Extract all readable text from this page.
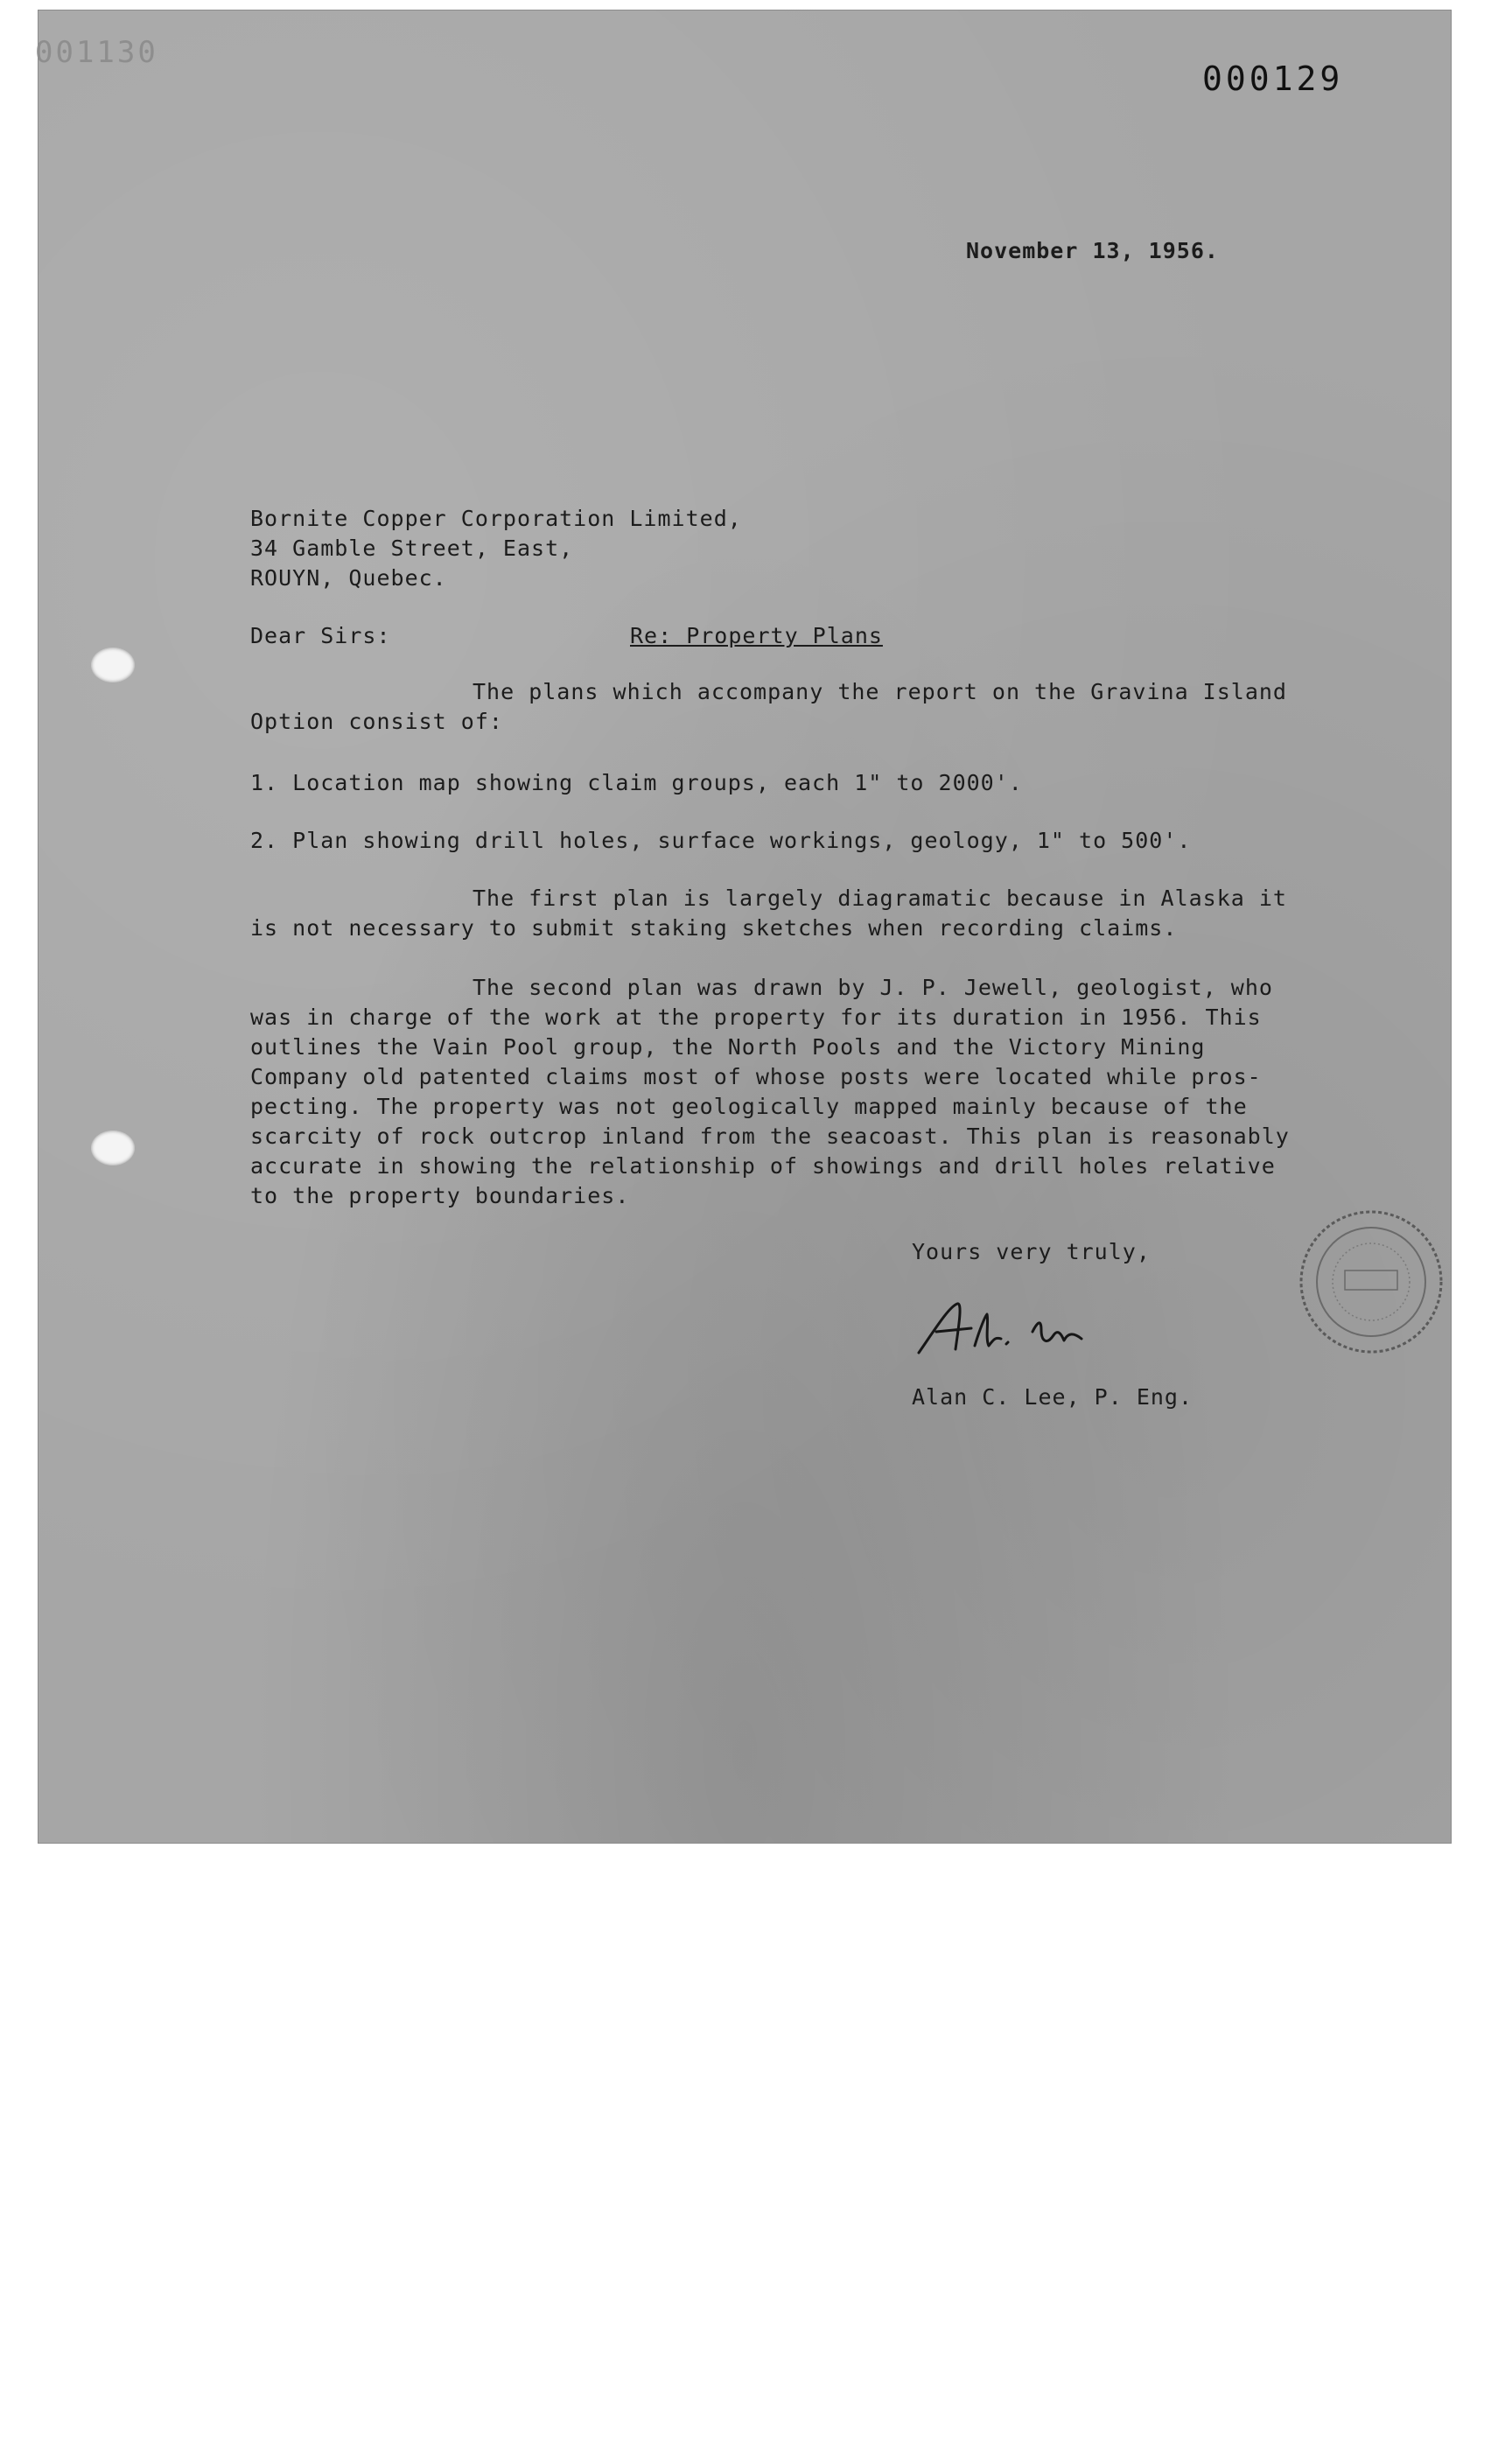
001130
000129
November 13, 1956.
Bornite Copper Corporation Limited,
34 Gamble Street, East,
ROUYN, Quebec.
Dear Sirs:	Re: Property Plans
The plans which accompany the report on the Gravina Island
Option consist of:
1. Location map showing claim groups, each 1" to 2000'.
2. Plan showing drill holes, surface workings, geology, 1" to 500'.
The first plan is largely diagramatic because in Alaska it
is not necessary to submit staking sketches when recording claims.
The second plan was drawn by J. P. Jewell, geologist, who
was in charge of the work at the property for its duration in 1956. This
outlines the Vain Pool group, the North Pools and the Victory Mining
Company old patented claims most of whose posts were located while pros-
pecting. The property was not geologically mapped mainly because of the
scarcity of rock outcrop inland from the seacoast. This plan is reasonably
accurate in showing the relationship of showings and drill holes relative
to the property boundaries.
Yours very truly,
Alan C. Lee, P. Eng.
